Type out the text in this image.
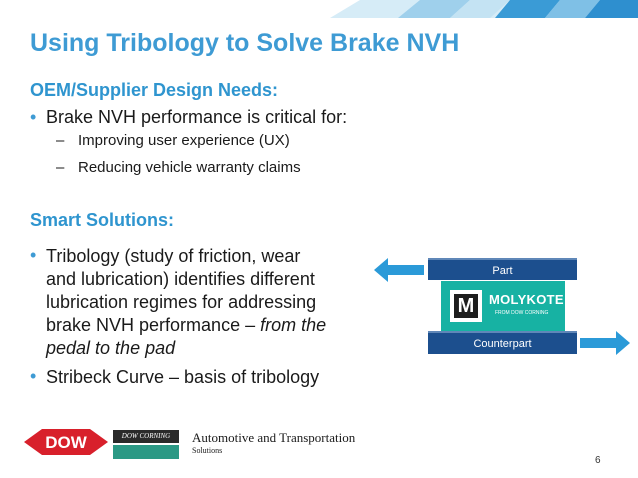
Using Tribology to Solve Brake NVH
OEM/Supplier Design Needs:
• Brake NVH performance is critical for:
– Improving user experience (UX)
– Reducing vehicle warranty claims
Smart Solutions:
• Tribology (study of friction, wear
and lubrication) identifies different
lubrication regimes for addressing
brake NVH performance – from the
pedal to the pad
• Stribeck Curve – basis of tribology
Part
M MOLYKOTE
FROM DOW CORNING
Counterpart
DOW	DOW CORNING	Automotive and Transportation
Solutions
6
